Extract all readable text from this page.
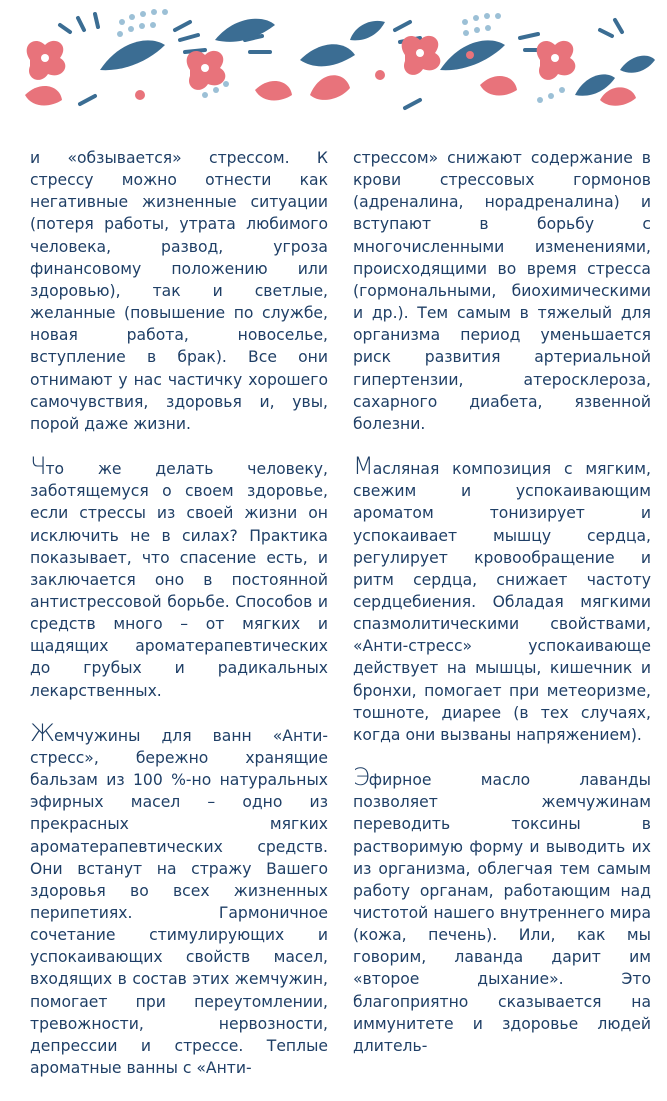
и «обзывается» стрессом. К стрессу можно отнести как негативные жизненные ситуации (потеря работы, утрата любимого человека, развод, угроза финансовому положению или здоровью), так и светлые, желанные (повышение по службе, новая работа, новоселье, вступление в брак). Все они отнимают у нас частичку хорошего самочувствия, здоровья и, увы, порой даже жизни.

Что же делать человеку, заботящемуся о своем здоровье, если стрессы из своей жизни он исключить не в силах? Практика показывает, что спасение есть, и заключается оно в постоянной антистрессовой борьбе. Способов и средств много – от мягких и щадящих ароматерапевтических до грубых и радикальных лекарственных.

Жемчужины для ванн «Анти-стресс», бережно хранящие бальзам из 100 %-но натуральных эфирных масел – одно из прекрасных мягких ароматерапевтических средств. Они встанут на стражу Вашего здоровья во всех жизненных перипетиях. Гармоничное сочетание стимулирующих и успокаивающих свойств масел, входящих в состав этих жемчужин, помогает при переутомлении, тревожности, нервозности, депрессии и стрессе. Теплые ароматные ванны с «Анти-

стрессом» снижают содержание в крови стрессовых гормонов (адреналина, норадреналина) и вступают в борьбу с многочисленными изменениями, происходящими во время стресса (гормональными, биохимическими и др.). Тем самым в тяжелый для организма период уменьшается риск развития артериальной гипертензии, атеросклероза, сахарного диабета, язвенной болезни.

Масляная композиция с мягким, свежим и успокаивающим ароматом тонизирует и успокаивает мышцу сердца, регулирует кровообращение и ритм сердца, снижает частоту сердцебиения. Обладая мягкими спазмолитическими свойствами, «Анти-стресс» успокаивающе действует на мышцы, кишечник и бронхи, помогает при метеоризме, тошноте, диарее (в тех случаях, когда они вызваны напряжением).

Эфирное масло лаванды позволяет жемчужинам переводить токсины в растворимую форму и выводить их из организма, облегчая тем самым работу органам, работающим над чистотой нашего внутреннего мира (кожа, печень). Или, как мы говорим, лаванда дарит им «второе дыхание». Это благоприятно сказывается на иммунитете и здоровье людей длитель-
